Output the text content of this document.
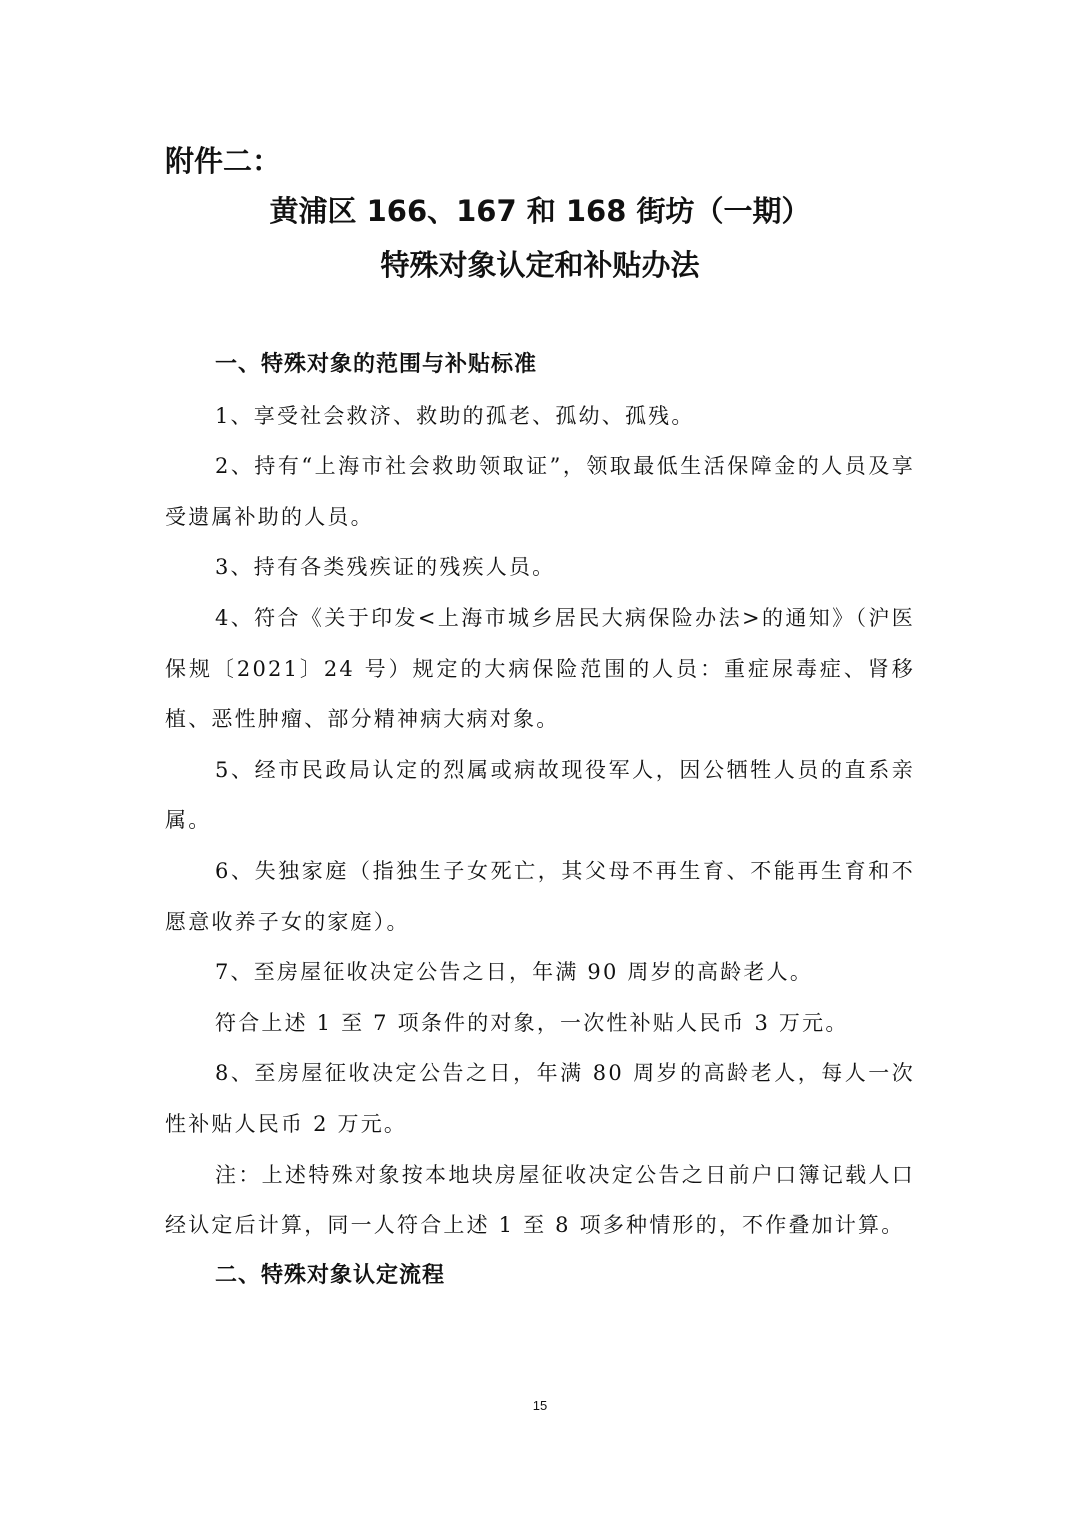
附件二：

黄浦区 166、167 和 168 街坊（一期）

特殊对象认定和补贴办法

一、特殊对象的范围与补贴标准

1、享受社会救济、救助的孤老、孤幼、孤残。

2、持有“上海市社会救助领取证”，领取最低生活保障金的人员及享受遗属补助的人员。

3、持有各类残疾证的残疾人员。

4、符合《关于印发<上海市城乡居民大病保险办法>的通知》（沪医保规〔2021〕24 号）规定的大病保险范围的人员：重症尿毒症、肾移植、恶性肿瘤、部分精神病大病对象。

5、经市民政局认定的烈属或病故现役军人，因公牺牲人员的直系亲属。

6、失独家庭（指独生子女死亡，其父母不再生育、不能再生育和不愿意收养子女的家庭）。

7、至房屋征收决定公告之日，年满 90 周岁的高龄老人。

符合上述 1 至 7 项条件的对象，一次性补贴人民币 3 万元。

8、至房屋征收决定公告之日，年满 80 周岁的高龄老人，每人一次性补贴人民币 2 万元。

注：上述特殊对象按本地块房屋征收决定公告之日前户口簿记载人口经认定后计算，同一人符合上述 1 至 8 项多种情形的，不作叠加计算。

二、特殊对象认定流程

15
